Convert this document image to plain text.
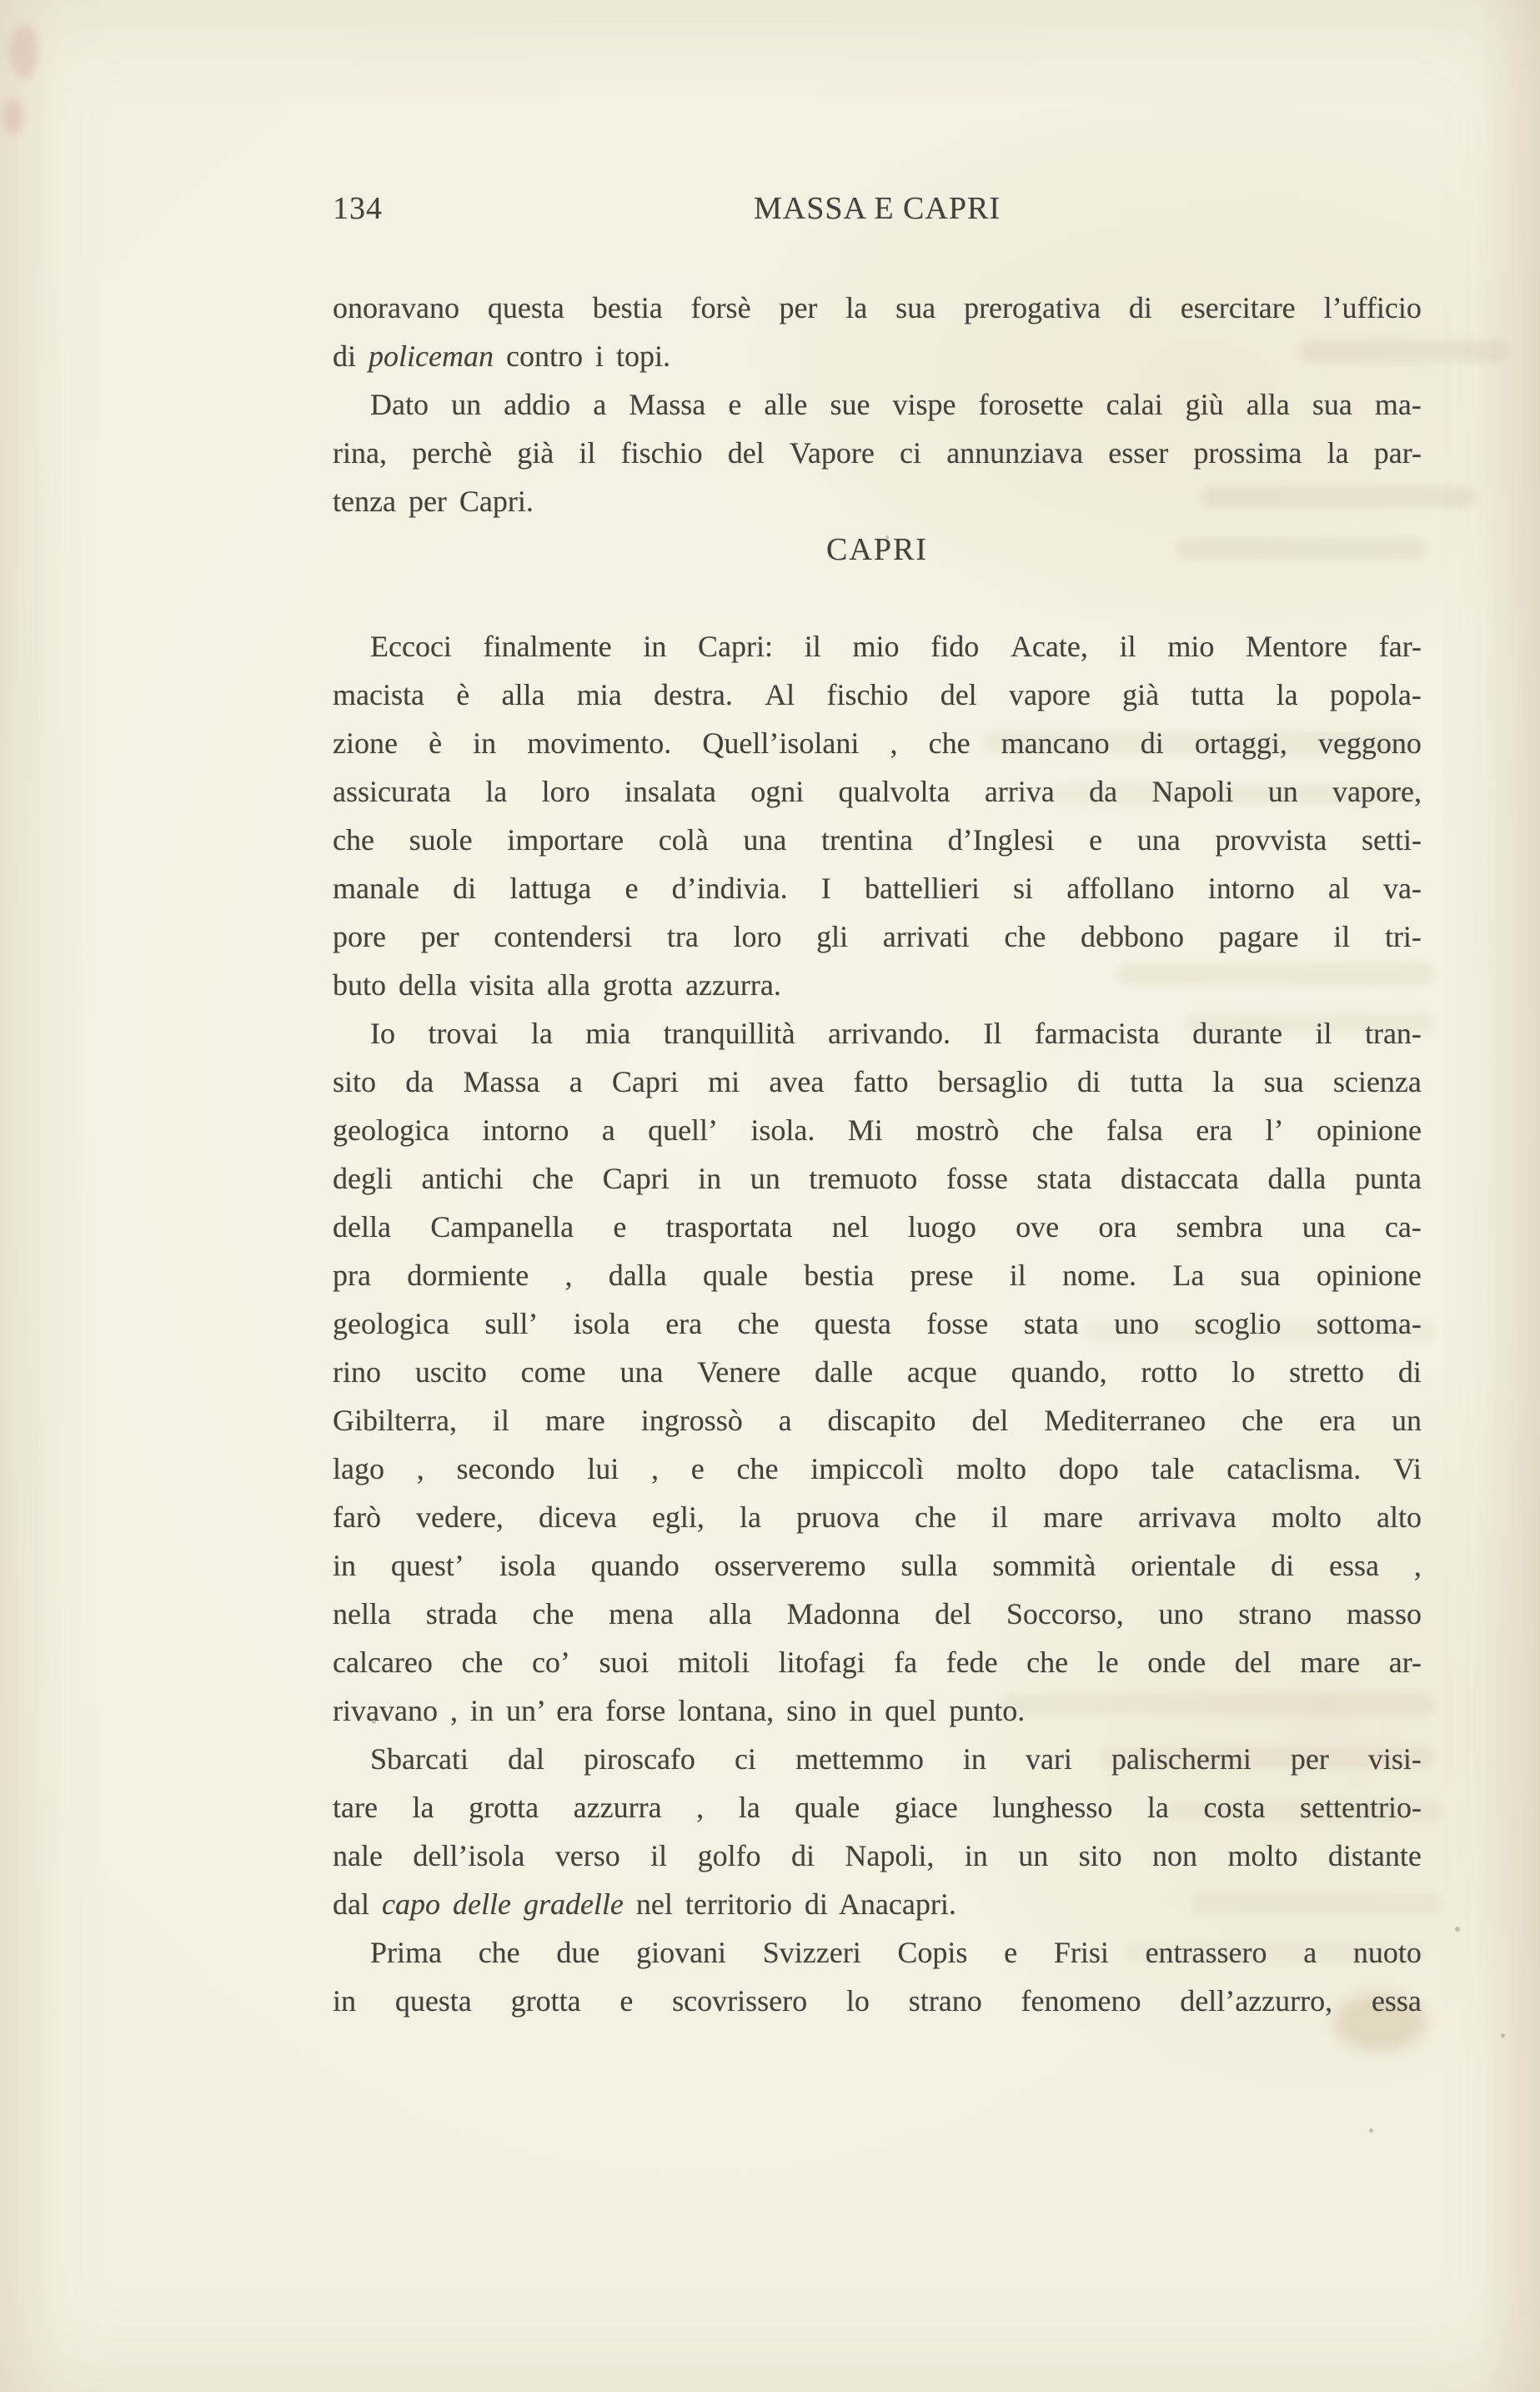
134	MASSA E CAPRI
onoravano questa bestia forsè per la sua prerogativa di esercitare l’ufficio
di policeman contro i topi.
Dato un addio a Massa e alle sue vispe forosette calai giù alla sua ma-
rina, perchè già il fischio del Vapore ci annunziava esser prossima la par-
tenza per Capri.
CAPRI
Eccoci finalmente in Capri: il mio fido Acate, il mio Mentore far-
macista è alla mia destra. Al fischio del vapore già tutta la popola-
zione è in movimento. Quell’isolani , che mancano di ortaggi, veggono
assicurata la loro insalata ogni qualvolta arriva da Napoli un vapore,
che suole importare colà una trentina d’Inglesi e una provvista setti-
manale di lattuga e d’indivia. I battellieri si affollano intorno al va-
pore per contendersi tra loro gli arrivati che debbono pagare il tri-
buto della visita alla grotta azzurra.
Io trovai la mia tranquillità arrivando. Il farmacista durante il tran-
sito da Massa a Capri mi avea fatto bersaglio di tutta la sua scienza
geologica intorno a quell’ isola. Mi mostrò che falsa era l’ opinione
degli antichi che Capri in un tremuoto fosse stata distaccata dalla punta
della Campanella e trasportata nel luogo ove ora sembra una ca-
pra dormiente , dalla quale bestia prese il nome. La sua opinione
geologica sull’ isola era che questa fosse stata uno scoglio sottoma-
rino uscito come una Venere dalle acque quando, rotto lo stretto di
Gibilterra, il mare ingrossò a discapito del Mediterraneo che era un
lago , secondo lui , e che impiccolì molto dopo tale cataclisma. Vi
farò vedere, diceva egli, la pruova che il mare arrivava molto alto
in quest’ isola quando osserveremo sulla sommità orientale di essa ,
nella strada che mena alla Madonna del Soccorso, uno strano masso
calcareo che co’ suoi mitoli litofagi fa fede che le onde del mare ar-
rivavano , in un’ era forse lontana, sino in quel punto.
Sbarcati dal piroscafo ci mettemmo in vari palischermi per visi-
tare la grotta azzurra , la quale giace lunghesso la costa settentrio-
nale dell’isola verso il golfo di Napoli, in un sito non molto distante
dal capo delle gradelle nel territorio di Anacapri.
Prima che due giovani Svizzeri Copis e Frisi entrassero a nuoto
in questa grotta e scovrissero lo strano fenomeno dell’azzurro, essa
